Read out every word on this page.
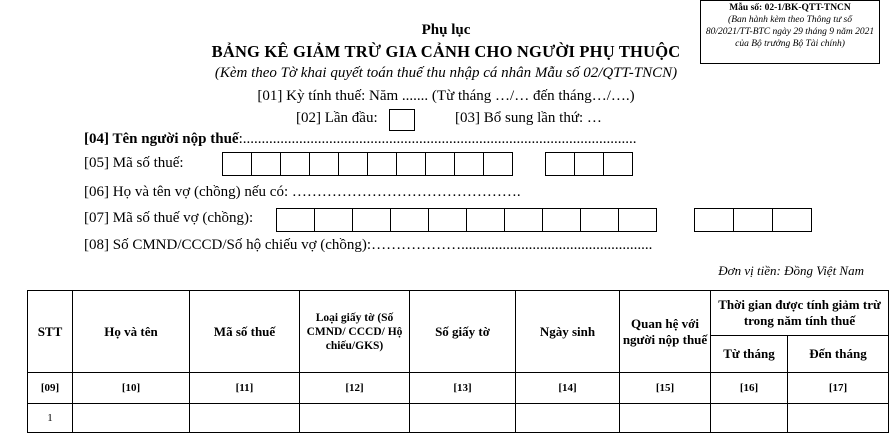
Mẫu số: 02-1/BK-QTT-TNCN
(Ban hành kèm theo Thông tư số 80/2021/TT-BTC ngày 29 tháng 9 năm 2021 của Bộ trưởng Bộ Tài chính)
Phụ lục
BẢNG KÊ GIẢM TRỪ GIA CẢNH CHO NGƯỜI PHỤ THUỘC
(Kèm theo Tờ khai quyết toán thuế thu nhập cá nhân Mẫu số 02/QTT-TNCN)
[01] Kỳ tính thuế: Năm ....... (Từ tháng …/… đến tháng…/….)
[02] Lần đầu:	[03] Bổ sung lần thứ: …
[04] Tên người nộp thuế:.........................................................................................................
[05] Mã số thuế:
[06] Họ và tên vợ (chồng) nếu có: ……………………………………….
[07] Mã số thuế vợ (chồng):
[08] Số CMND/CCCD/Số hộ chiếu vợ (chồng):………………...................................................
Đơn vị tiền: Đồng Việt Nam
STT	Họ và tên	Mã số thuế	Loại giấy tờ (Số CMND/ CCCD/ Hộ chiếu/GKS)	Số giấy tờ	Ngày sinh	Quan hệ với người nộp thuế	Thời gian được tính giảm trừ trong năm tính thuế	
							Từ tháng	Đến tháng
[09]	[10]	[11]	[12]	[13]	[14]	[15]	[16]	[17]
1								
